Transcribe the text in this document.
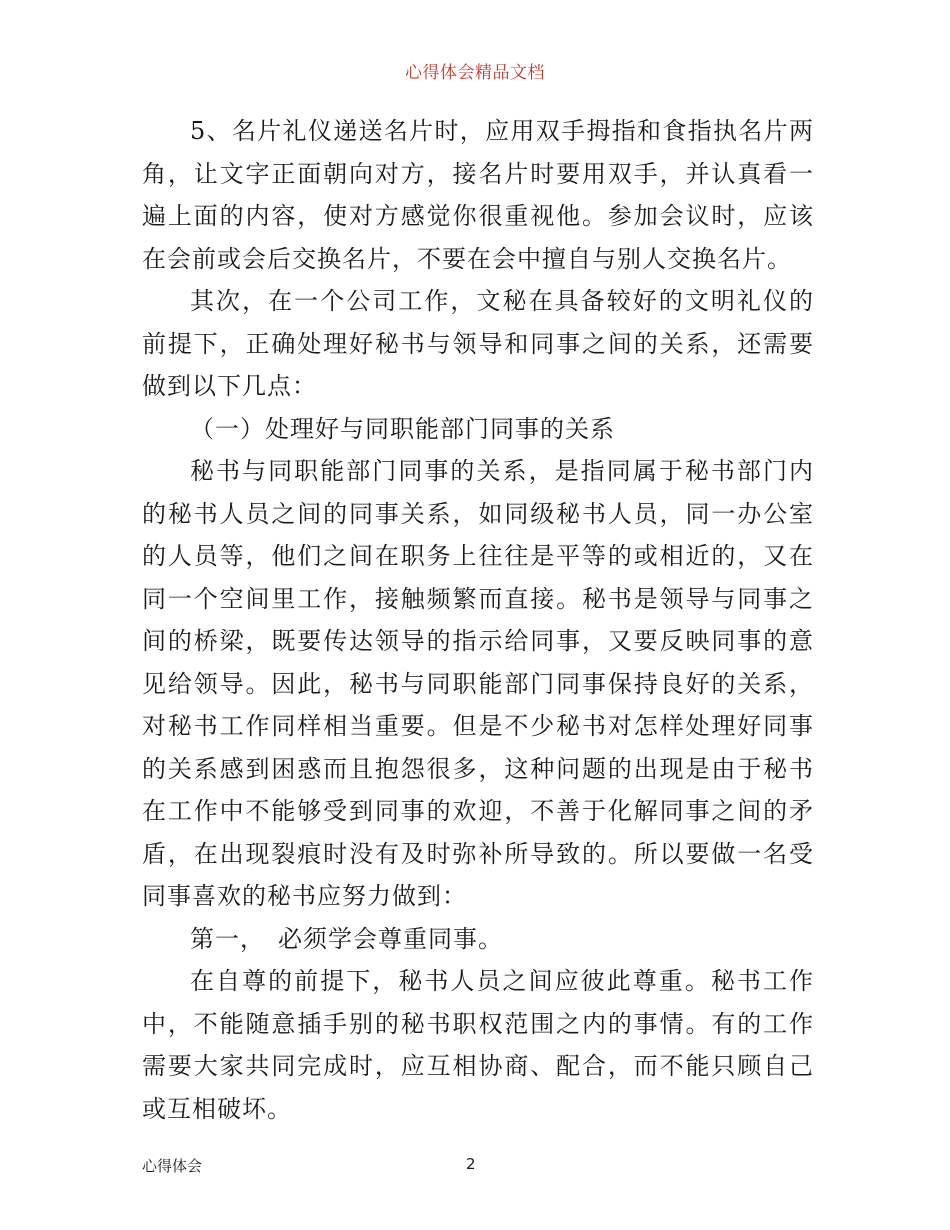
心得体会精品文档

5、名片礼仪递送名片时，应用双手拇指和食指执名片两角，让文字正面朝向对方，接名片时要用双手，并认真看一遍上面的内容，使对方感觉你很重视他。参加会议时，应该在会前或会后交换名片，不要在会中擅自与别人交换名片。

其次，在一个公司工作，文秘在具备较好的文明礼仪的前提下，正确处理好秘书与领导和同事之间的关系，还需要做到以下几点：

（一）处理好与同职能部门同事的关系

秘书与同职能部门同事的关系，是指同属于秘书部门内的秘书人员之间的同事关系，如同级秘书人员，同一办公室的人员等，他们之间在职务上往往是平等的或相近的，又在同一个空间里工作，接触频繁而直接。秘书是领导与同事之间的桥梁，既要传达领导的指示给同事，又要反映同事的意见给领导。因此，秘书与同职能部门同事保持良好的关系，对秘书工作同样相当重要。但是不少秘书对怎样处理好同事的关系感到困惑而且抱怨很多，这种问题的出现是由于秘书在工作中不能够受到同事的欢迎，不善于化解同事之间的矛盾，在出现裂痕时没有及时弥补所导致的。所以要做一名受同事喜欢的秘书应努力做到：

第一，　必须学会尊重同事。

在自尊的前提下，秘书人员之间应彼此尊重。秘书工作中，不能随意插手别的秘书职权范围之内的事情。有的工作需要大家共同完成时，应互相协商、配合，而不能只顾自己或互相破坏。

心得体会	2
